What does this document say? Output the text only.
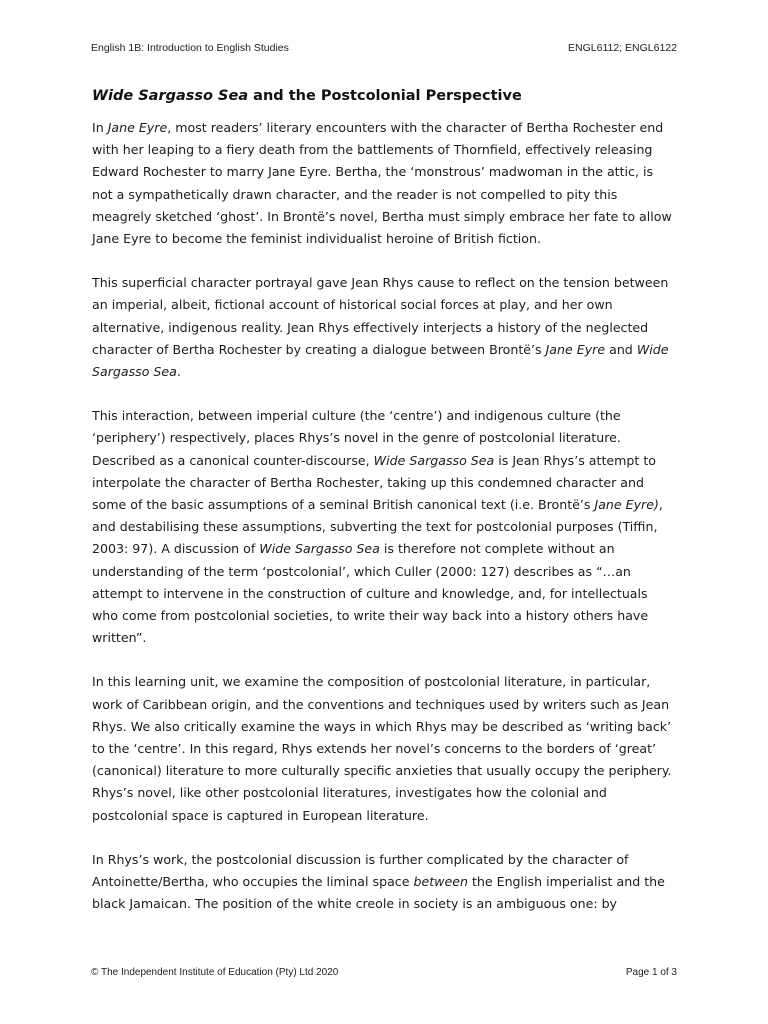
English 1B: Introduction to English Studies	ENGL6112; ENGL6122
Wide Sargasso Sea and the Postcolonial Perspective

In Jane Eyre, most readers’ literary encounters with the character of Bertha Rochester end with her leaping to a fiery death from the battlements of Thornfield, effectively releasing Edward Rochester to marry Jane Eyre. Bertha, the ‘monstrous’ madwoman in the attic, is not a sympathetically drawn character, and the reader is not compelled to pity this meagrely sketched ‘ghost’. In Brontë’s novel, Bertha must simply embrace her fate to allow Jane Eyre to become the feminist individualist heroine of British fiction.

This superficial character portrayal gave Jean Rhys cause to reflect on the tension between an imperial, albeit, fictional account of historical social forces at play, and her own alternative, indigenous reality. Jean Rhys effectively interjects a history of the neglected character of Bertha Rochester by creating a dialogue between Brontë’s Jane Eyre and Wide Sargasso Sea.

This interaction, between imperial culture (the ‘centre’) and indigenous culture (the ‘periphery’) respectively, places Rhys’s novel in the genre of postcolonial literature. Described as a canonical counter-discourse, Wide Sargasso Sea is Jean Rhys’s attempt to interpolate the character of Bertha Rochester, taking up this condemned character and some of the basic assumptions of a seminal British canonical text (i.e. Brontë’s Jane Eyre), and destabilising these assumptions, subverting the text for postcolonial purposes (Tiffin, 2003: 97). A discussion of Wide Sargasso Sea is therefore not complete without an understanding of the term ‘postcolonial’, which Culler (2000: 127) describes as “…an attempt to intervene in the construction of culture and knowledge, and, for intellectuals who come from postcolonial societies, to write their way back into a history others have written”.

In this learning unit, we examine the composition of postcolonial literature, in particular, work of Caribbean origin, and the conventions and techniques used by writers such as Jean Rhys. We also critically examine the ways in which Rhys may be described as ‘writing back’ to the ‘centre’. In this regard, Rhys extends her novel’s concerns to the borders of ‘great’ (canonical) literature to more culturally specific anxieties that usually occupy the periphery. Rhys’s novel, like other postcolonial literatures, investigates how the colonial and postcolonial space is captured in European literature.

In Rhys’s work, the postcolonial discussion is further complicated by the character of Antoinette/Bertha, who occupies the liminal space between the English imperialist and the black Jamaican. The position of the white creole in society is an ambiguous one: by

© The Independent Institute of Education (Pty) Ltd 2020	Page 1 of 3
